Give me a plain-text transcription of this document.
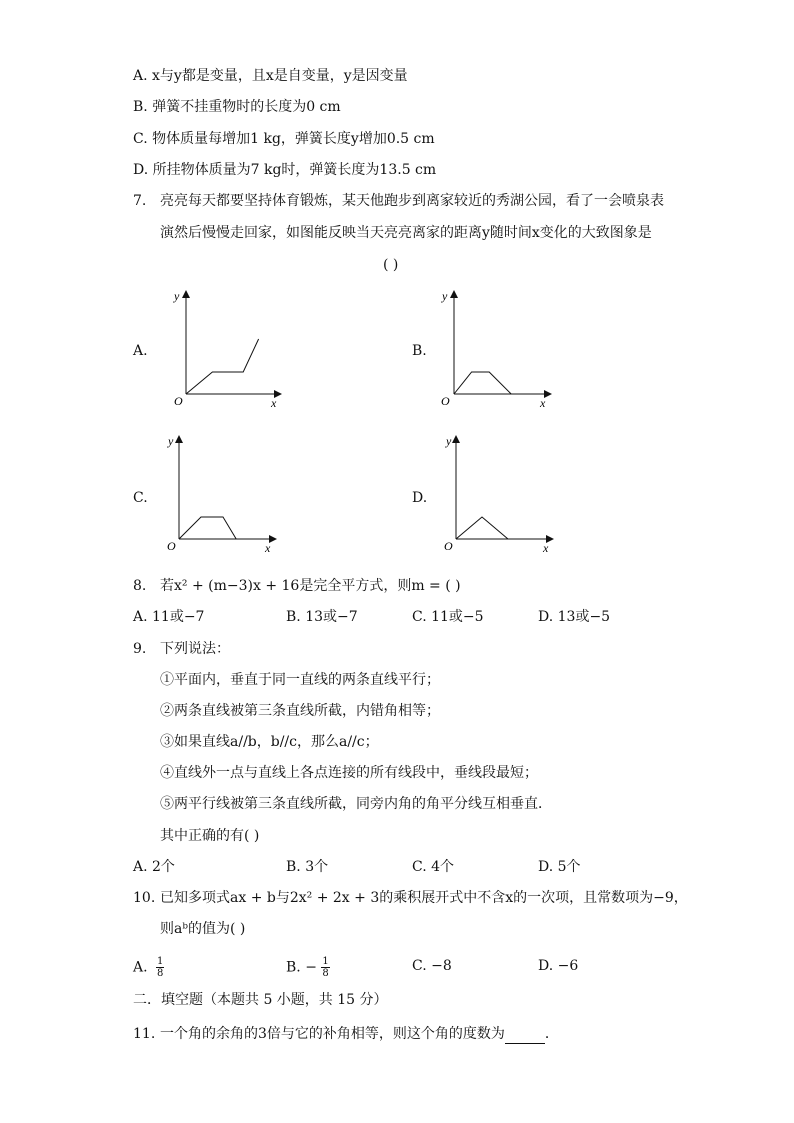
A. x与y都是变量，且x是自变量，y是因变量
B. 弹簧不挂重物时的长度为0 cm
C. 物体质量每增加1 kg，弹簧长度y增加0.5 cm
D. 所挂物体质量为7 kg时，弹簧长度为13.5 cm
7. 亮亮每天都要坚持体育锻炼，某天他跑步到离家较近的秀湖公园，看了一会喷泉表
演然后慢慢走回家，如图能反映当天亮亮离家的距离y随时间x变化的大致图象是
( )
A.	B.
C.	D.
y
x
O
y
x
O
y
x
O
y
x
O
8. 若x² + (m−3)x + 16是完全平方式，则m = ( )
A. 11或−7	B. 13或−7	C. 11或−5	D. 13或−5
9. 下列说法：
①平面内，垂直于同一直线的两条直线平行；
②两条直线被第三条直线所截，内错角相等；
③如果直线a//b，b//c，那么a//c；
④直线外一点与直线上各点连接的所有线段中，垂线段最短；
⑤两平行线被第三条直线所截，同旁内角的角平分线互相垂直．
其中正确的有( )
A. 2个	B. 3个	C. 4个	D. 5个
10. 已知多项式ax + b与2x² + 2x + 3的乘积展开式中不含x的一次项，且常数项为−9，
则aᵇ的值为( )
A. $\frac{1}{8}$	B. − $\frac{1}{8}$	C. −8	D. −6
二．填空题（本题共 5 小题，共 15 分）
11. 一个角的余角的3倍与它的补角相等，则这个角的度数为	．
